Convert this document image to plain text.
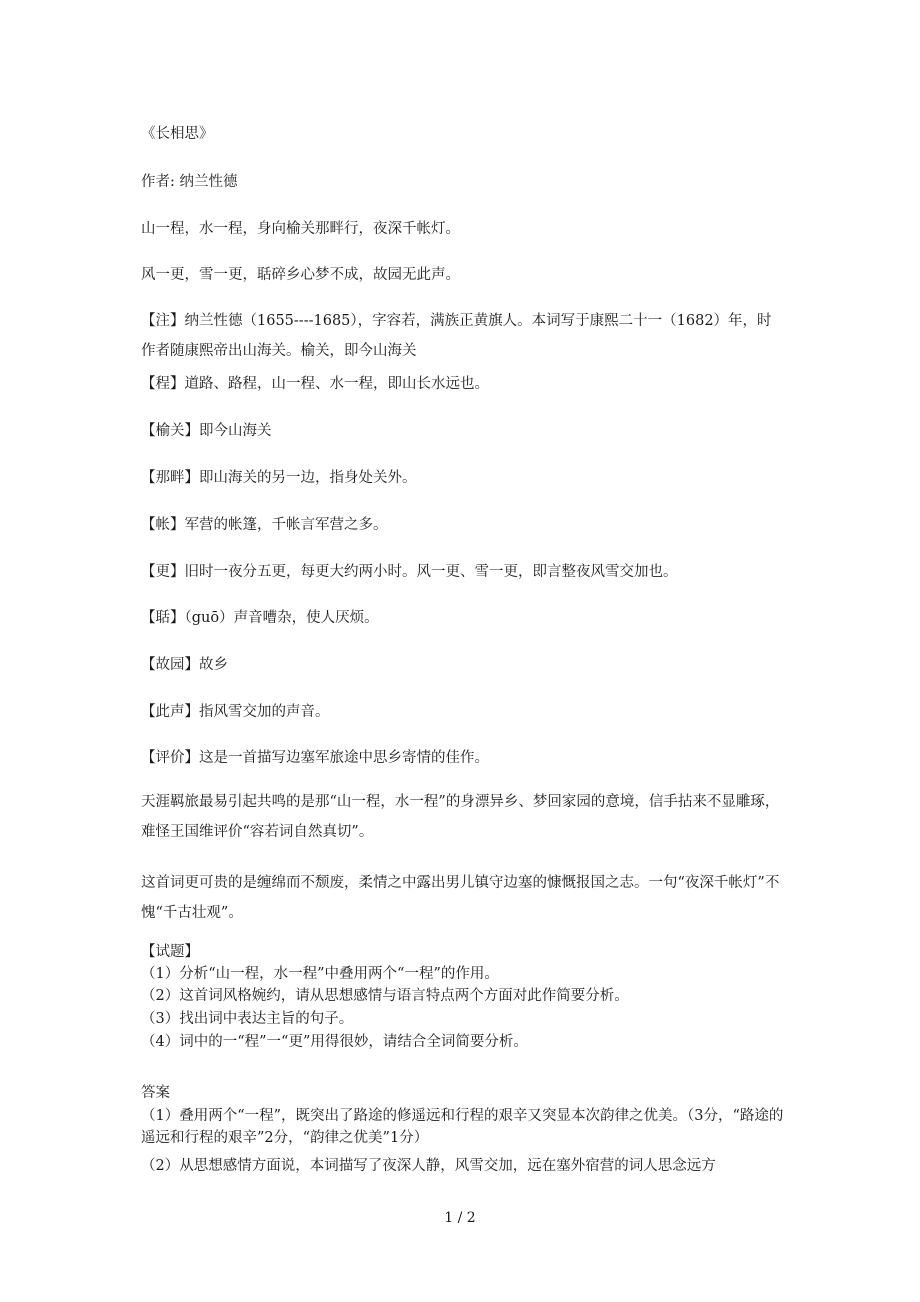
《长相思》
作者: 纳兰性德
山一程，水一程，身向榆关那畔行，夜深千帐灯。
风一更，雪一更，聒碎乡心梦不成，故园无此声。
【注】纳兰性德（1655----1685），字容若，满族正黄旗人。本词写于康熙二十一（1682）年，时作者随康熙帝出山海关。榆关，即今山海关
【程】道路、路程，山一程、水一程，即山长水远也。
【榆关】即今山海关
【那畔】即山海关的另一边，指身处关外。
【帐】军营的帐篷，千帐言军营之多。
【更】旧时一夜分五更，每更大约两小时。风一更、雪一更，即言整夜风雪交加也。
【聒】（guō）声音嘈杂，使人厌烦。
【故园】故乡
【此声】指风雪交加的声音。
【评价】这是一首描写边塞军旅途中思乡寄情的佳作。
天涯羁旅最易引起共鸣的是那“山一程，水一程”的身漂异乡、梦回家园的意境，信手拈来不显雕琢，难怪王国维评价“容若词自然真切”。
这首词更可贵的是缠绵而不颓废，柔情之中露出男儿镇守边塞的慷慨报国之志。一句“夜深千帐灯”不愧“千古壮观”。
【试题】
（1）分析“山一程，水一程”中叠用两个“一程”的作用。
（2）这首词风格婉约，请从思想感情与语言特点两个方面对此作简要分析。
（3）找出词中表达主旨的句子。
（4）词中的一“程”一“更”用得很妙，请结合全词简要分析。
答案
（1）叠用两个“一程”，既突出了路途的修遥远和行程的艰辛又突显本次韵律之优美。（3分，“路途的遥远和行程的艰辛”2分，“韵律之优美”1分）
（2）从思想感情方面说，本词描写了夜深人静，风雪交加，远在塞外宿营的词人思念远方
1 / 2
